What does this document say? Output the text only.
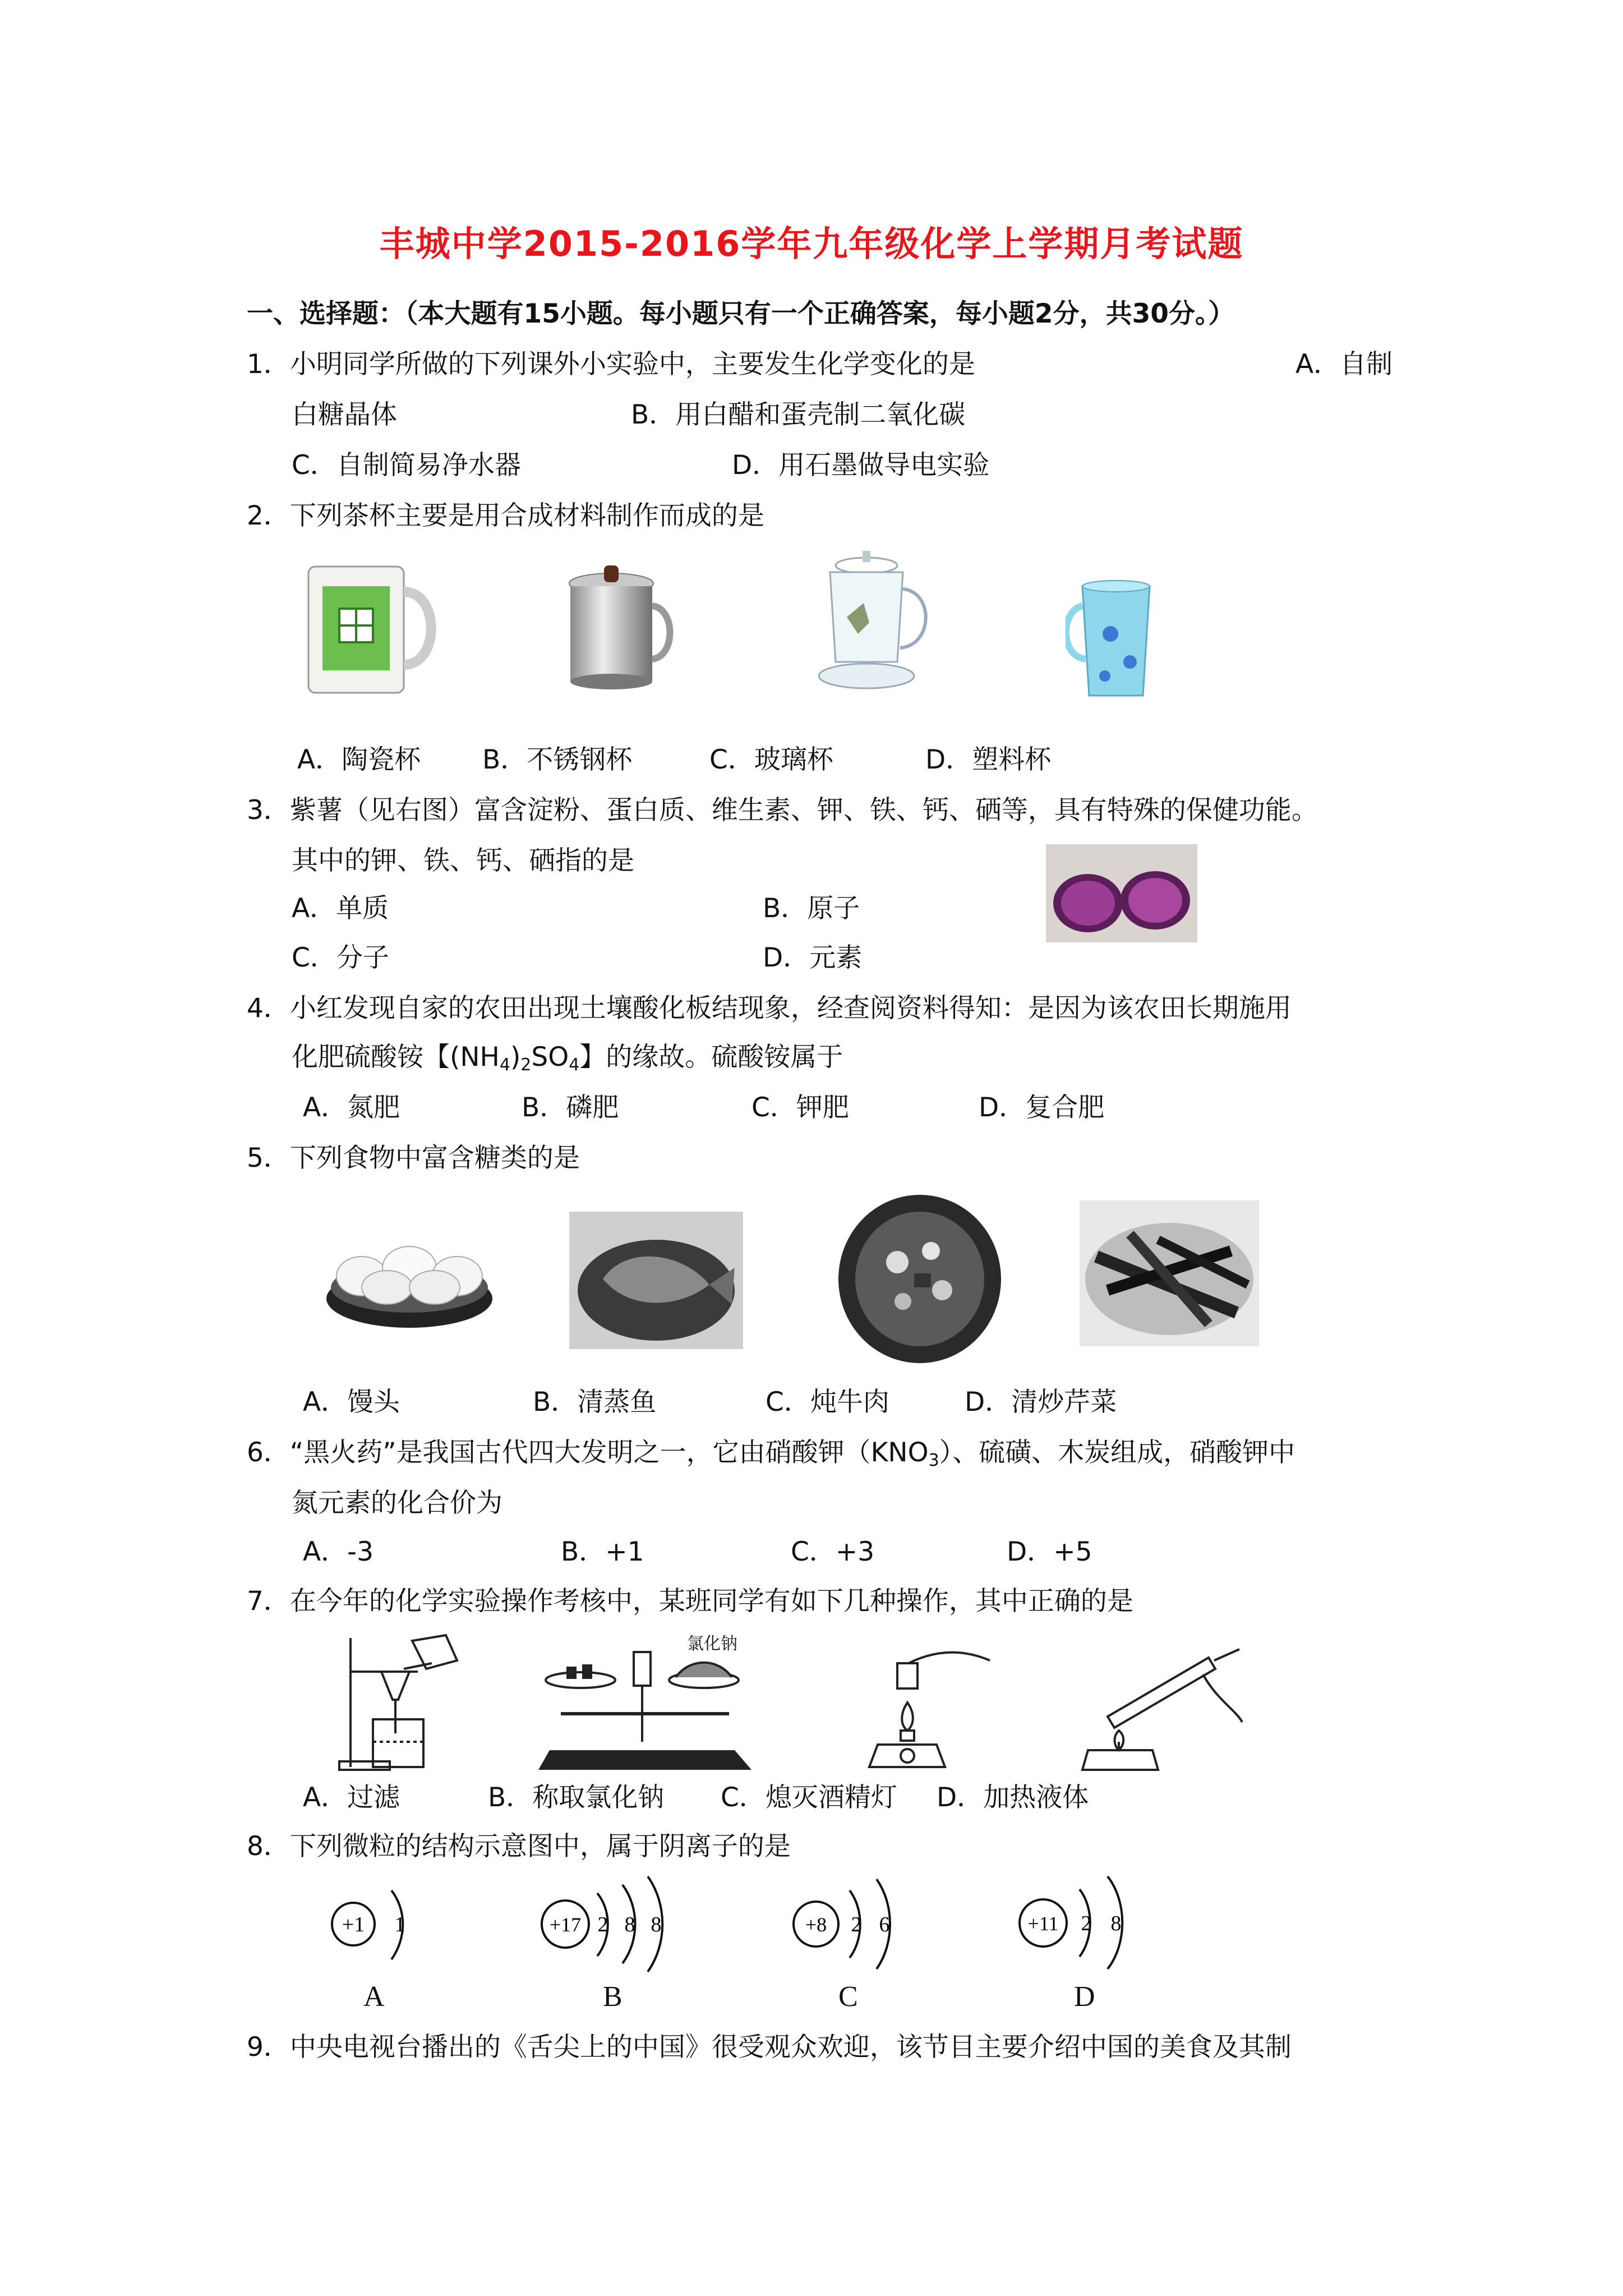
丰城中学2015-2016学年九年级化学上学期月考试题
一、选择题：（本大题有15小题。每小题只有一个正确答案，每小题2分，共30分。）
1．小明同学所做的下列课外小实验中，主要发生化学变化的是	A．自制
白糖晶体	B．用白醋和蛋壳制二氧化碳
C．自制简易净水器	D．用石墨做导电实验
2．下列茶杯主要是用合成材料制作而成的是
A．陶瓷杯 B．不锈钢杯	C．玻璃杯	D．塑料杯
3．紫薯（见右图）富含淀粉、蛋白质、维生素、钾、铁、钙、硒等，具有特殊的保健功能。
其中的钾、铁、钙、硒指的是
A．单质	B．原子
C．分子	D．元素
4．小红发现自家的农田出现土壤酸化板结现象，经查阅资料得知：是因为该农田长期施用
化肥硫酸铵【$(NH_4)_2SO_4$】的缘故。硫酸铵属于
A．氮肥	B．磷肥	C．钾肥	D．复合肥
5．下列食物中富含糖类的是
A．馒头	B．清蒸鱼	C．炖牛肉	D．清炒芹菜
6．“黑火药”是我国古代四大发明之一，它由硝酸钾$(KNO_3)$、硫磺、木炭组成，硝酸钾中
氮元素的化合价为
A．-3	B．+1	C．+3	D．+5
7．在今年的化学实验操作考核中，某班同学有如下几种操作，其中正确的是
氯化钠
A．过滤	B．称取氯化钠 C．熄灭酒精灯 D．加热液体
8．下列微粒的结构示意图中，属于阴离子的是
+1 1	+17 2 8 8	+8 2 6	+11 2 8
A	B	C	D
9．中央电视台播出的《舌尖上的中国》很受观众欢迎，该节目主要介绍中国的美食及其制
